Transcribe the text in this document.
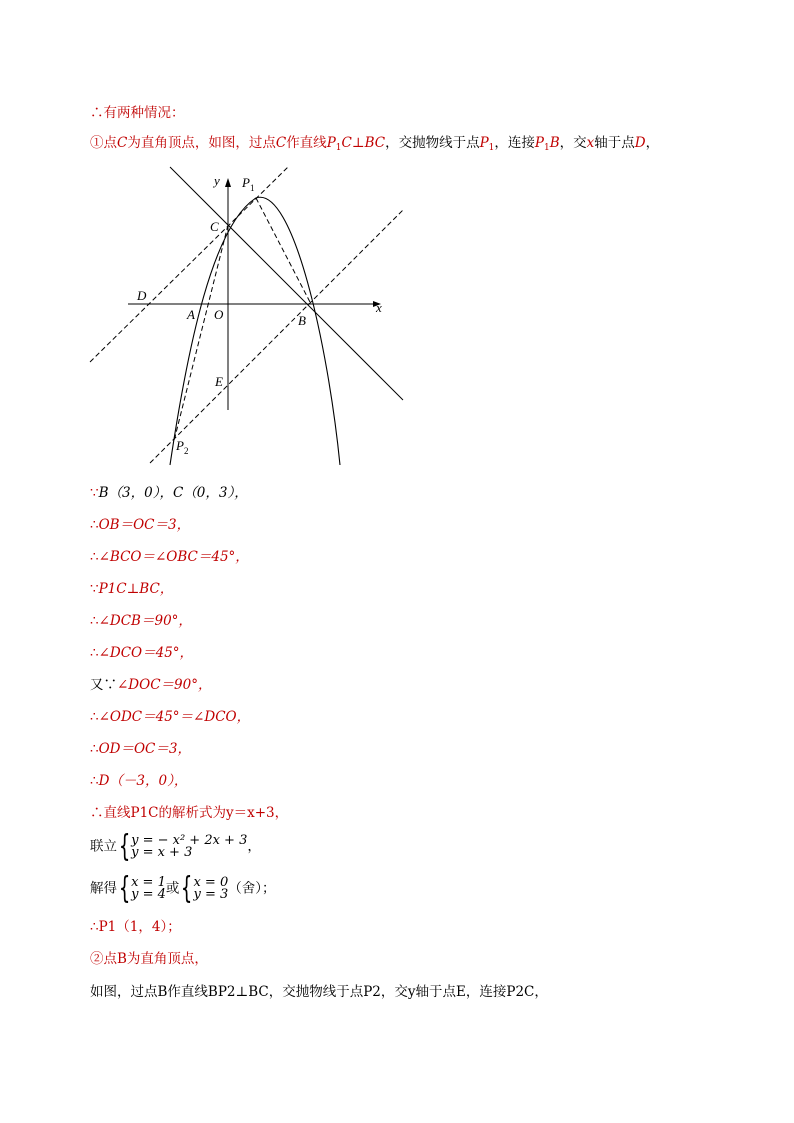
∴有两种情况：
①点C为直角顶点，如图，过点C作直线$P_1C\perp BC$，交抛物线于点$P_1$，连接$P_1B$，交x轴于点D，
y
x
$P_1$
C
D
A O	B
E
$P_2$
∵B（3，0），C（0，3），
∴OB＝OC＝3，
∴∠BCO＝∠OBC＝45°，
∵P1C⊥BC，
∴∠DCB＝90°，
∴∠DCO＝45°，
又∵∠DOC＝90°，
∴∠ODC＝45°＝∠DCO，
∴OD＝OC＝3，
∴D（－3，0），
∴直线P1C的解析式为y＝x+3，
联立 { y = − x² + 2x + 3
y = x + 3	，
解得 { x = 1
y = 4 或 { x = 0
y = 3 （舍）；
∴P1（1，4）；
②点B为直角顶点，
如图，过点B作直线BP2⊥BC，交抛物线于点P2，交y轴于点E，连接P2C，
